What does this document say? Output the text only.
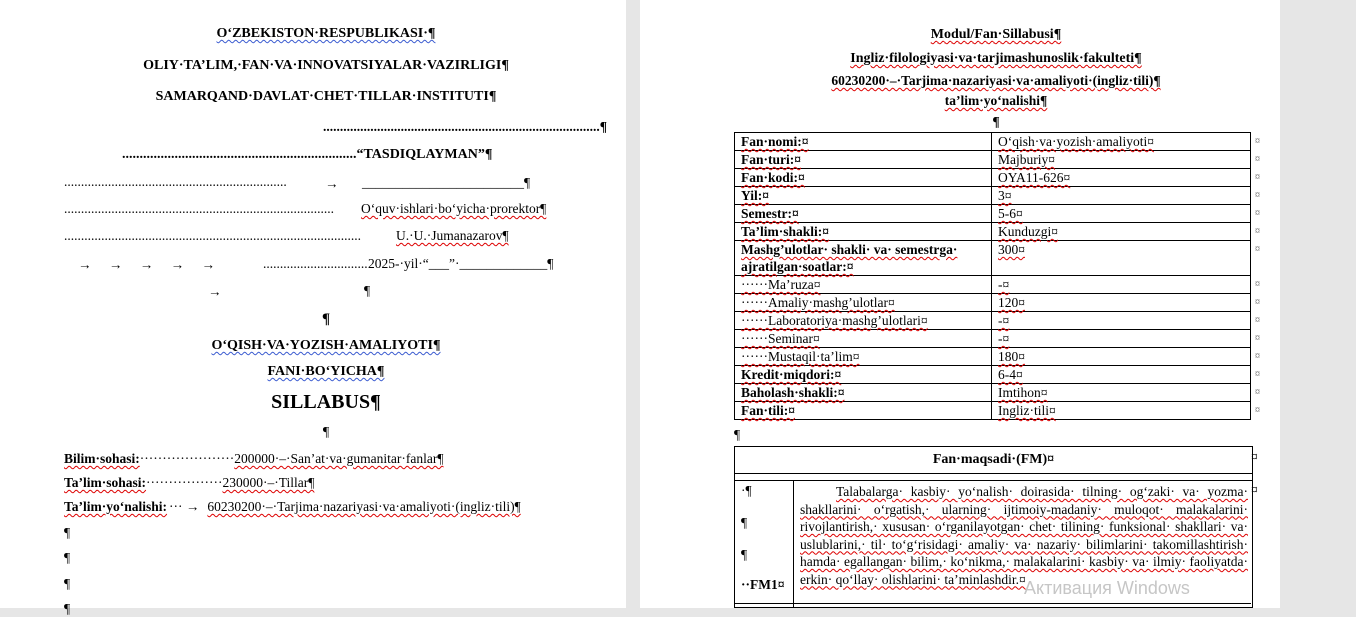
O‘ZBEKISTON·RESPUBLIKASI·¶
OLIY·TA’LIM,·FAN·VA·INNOVATSIYALAR·VAZIRLIGI¶
SAMARQAND·DAVLAT·CHET·TILLAR·INSTITUTI¶
..................................................................................¶
...................................................................“TASDIQLAYMAN”¶
..................................................................	→ ________________________¶
................................................................................ O‘quv·ishlari·bo‘yicha·prorektor¶
........................................................................................	U.·U.·Jumanazarov¶
→ → → → →	............................... 2025-·yil·“___”·_____________¶
→	¶
¶
O‘QISH·VA·YOZISH·AMALIYOTI¶
FANI·BO‘YICHA¶
SILLABUS¶
¶
Bilim·sohasi:·····················200000·–·San’at·va·gumanitar·fanlar¶
Ta’lim·sohasi:·················230000·–·Tillar¶
Ta’lim·yo‘nalishi: ··· → 60230200·–·Tarjima·nazariyasi·va·amaliyoti·(ingliz·tili)¶
¶
¶
¶
¶
Modul/Fan·Sillabusi¶
Ingliz·filologiyasi·va·tarjimashunoslik·fakulteti¶
60230200·–·Tarjima·nazariyasi·va·amaliyoti·(ingliz·tili)¶
ta’lim·yo‘nalishi¶
¶
Fan·nomi:¤	O‘qish·va·yozish·amaliyoti¤ ¤

Fan·turi:¤	Majburiy¤ ¤

Fan·kodi:¤	OYA11-626¤ ¤

Yil:¤	3¤ ¤

Semestr:¤	5-6¤ ¤

Ta’lim·shakli:¤	Kunduzgi¤ ¤

Mashg’ulotlar· shakli· va· semestrga· ajratilgan·soatlar:¤	300¤ ¤

······Ma’ruza¤	-¤ ¤

······Amaliy·mashg’ulotlar¤	120¤ ¤

······Laboratoriya·mashg’ulotlari¤	-¤ ¤

······Seminar¤	-¤ ¤

······Mustaqil·ta’lim¤	180¤ ¤

Kredit·miqdori:¤	6-4¤ ¤

Baholash·shakli:¤	Imtihon¤ ¤

Fan·tili:¤	Ingliz·tili¤ ¤
¶
Fan·maqsadi·(FM)¤
·¶
¶
¶
··FM1¤
Talabalarga· kasbiy· yo‘nalish· doirasida· tilning· og‘zaki· va· yozma· shakllarini· o‘rgatish,· ularning· ijtimoiy-madaniy· muloqot· malakalarini· rivojlantirish,· xususan· o‘rganilayotgan· chet· tilining· funksional· shakllari· va· uslublarini,· til· to‘g‘risidagi· amaliy· va· nazariy· bilimlarini· takomillashtirish· hamda· egallangan· bilim,· ko‘nikma,· malakalarini· kasbiy· va· ilmiy· faoliyatda· erkin· qo‘llay· olishlarini· ta’minlashdir.¤
¤
¤
Активация Windows
